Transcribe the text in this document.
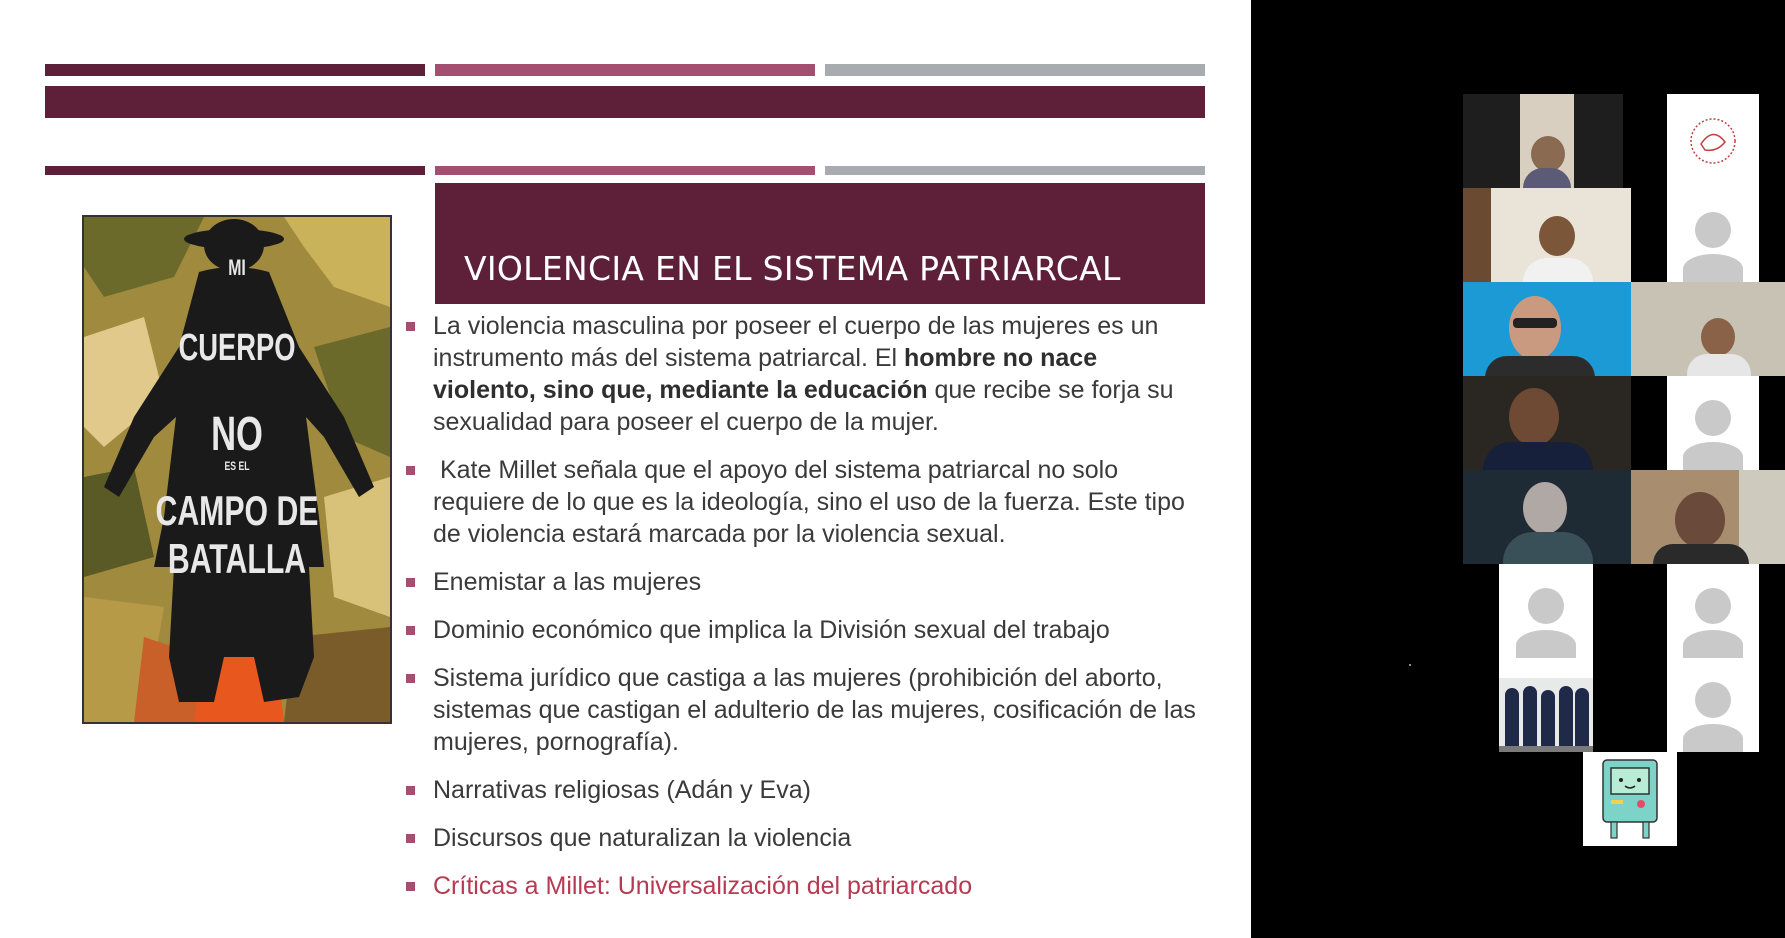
VIOLENCIA EN EL SISTEMA PATRIARCAL
MI
CUERPO
NO
ES EL
CAMPO DE
BATALLA
La violencia masculina por poseer el cuerpo de las mujeres es un instrumento más del sistema patriarcal. El hombre no nace violento, sino que, mediante la educación que recibe se forja su sexualidad para poseer el cuerpo de la mujer.
Kate Millet señala que el apoyo del sistema patriarcal no solo requiere de lo que es la ideología, sino el uso de la fuerza. Este tipo de violencia estará marcada por la violencia sexual.
Enemistar a las mujeres
Dominio económico que implica la División sexual del trabajo
Sistema jurídico que castiga a las mujeres (prohibición del aborto, sistemas que castigan el adulterio de las mujeres, cosificación de las mujeres, pornografía).
Narrativas religiosas (Adán y Eva)
Discursos que naturalizan la violencia
Críticas a Millet: Universalización del patriarcado
